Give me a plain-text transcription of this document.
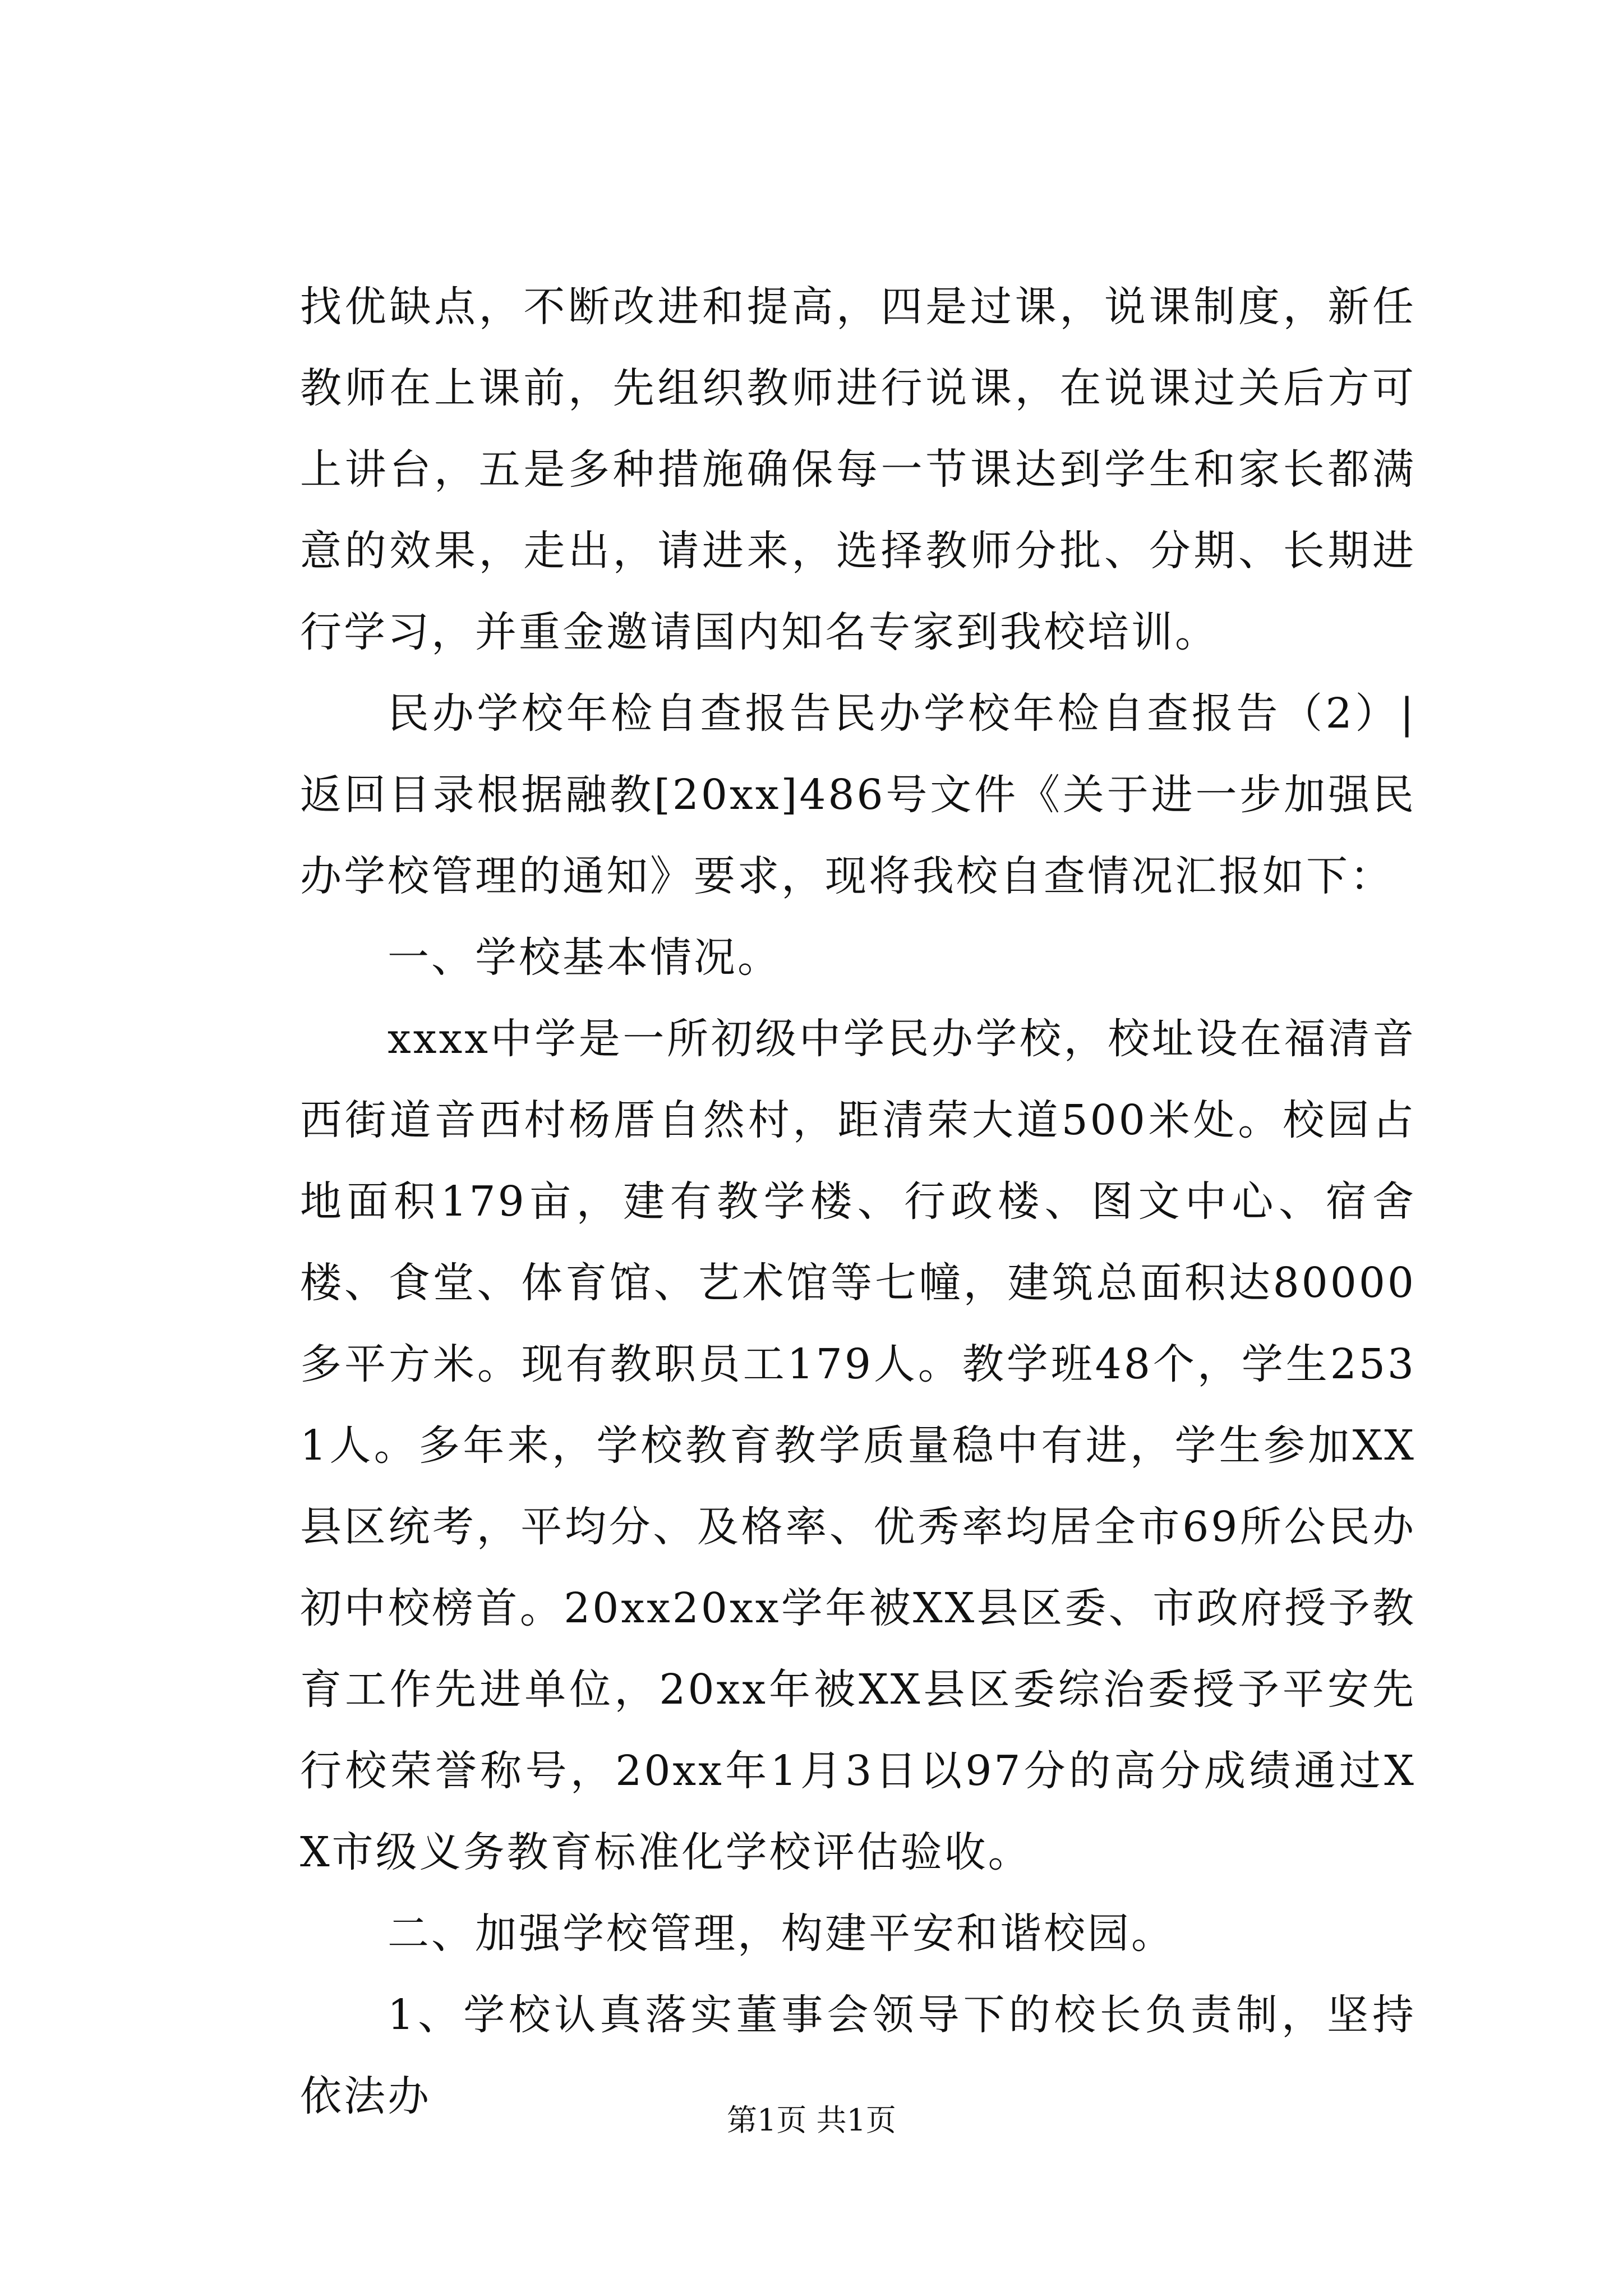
找优缺点，不断改进和提高，四是过课，说课制度，新任教师在上课前，先组织教师进行说课，在说课过关后方可上讲台，五是多种措施确保每一节课达到学生和家长都满意的效果，走出，请进来，选择教师分批、分期、长期进行学习，并重金邀请国内知名专家到我校培训。

民办学校年检自查报告民办学校年检自查报告（2）|返回目录根据融教[20xx]486号文件《关于进一步加强民办学校管理的通知》要求，现将我校自查情况汇报如下：

一、学校基本情况。

xxxx中学是一所初级中学民办学校，校址设在福清音西街道音西村杨厝自然村，距清荣大道500米处。校园占地面积179亩，建有教学楼、行政楼、图文中心、宿舍楼、食堂、体育馆、艺术馆等七幢，建筑总面积达80000多平方米。现有教职员工179人。教学班48个，学生2531人。多年来，学校教育教学质量稳中有进，学生参加XX县区统考，平均分、及格率、优秀率均居全市69所公民办初中校榜首。20xx20xx学年被XX县区委、市政府授予教育工作先进单位，20xx年被XX县区委综治委授予平安先行校荣誉称号，20xx年1月3日以97分的高分成绩通过XX市级义务教育标准化学校评估验收。

二、加强学校管理，构建平安和谐校园。

1、学校认真落实董事会领导下的校长负责制，坚持依法办	第1页 共1页
